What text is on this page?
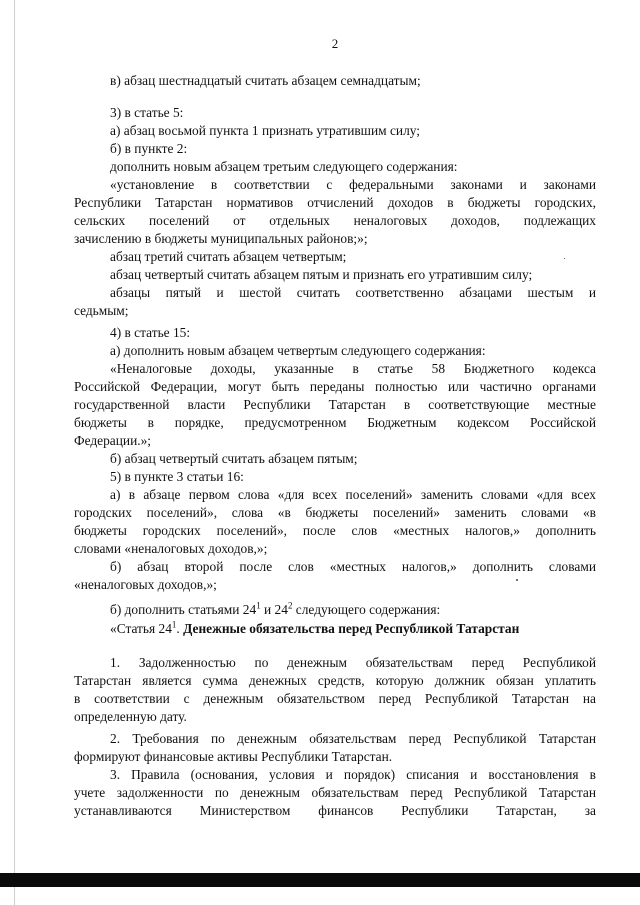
2
в) абзац шестнадцатый считать абзацем семнадцатым;
3) в статье 5:
а) абзац восьмой пункта 1 признать утратившим силу;
б) в пункте 2:
дополнить новым абзацем третьим следующего содержания:
«установление в соответствии с федеральными законами и законами
Республики Татарстан нормативов отчислений доходов в бюджеты городских,
сельских поселений от отдельных неналоговых доходов, подлежащих
зачислению в бюджеты муниципальных районов;»;
абзац третий считать абзацем четвертым;
абзац четвертый считать абзацем пятым и признать его утратившим силу;
абзацы пятый и шестой считать соответственно абзацами шестым и
седьмым;
4) в статье 15:
а) дополнить новым абзацем четвертым следующего содержания:
«Неналоговые доходы, указанные в статье 58 Бюджетного кодекса
Российской Федерации, могут быть переданы полностью или частично органами
государственной власти Республики Татарстан в соответствующие местные
бюджеты в порядке, предусмотренном Бюджетным кодексом Российской
Федерации.»;
б) абзац четвертый считать абзацем пятым;
5) в пункте 3 статьи 16:
а) в абзаце первом слова «для всех поселений» заменить словами «для всех
городских поселений», слова «в бюджеты поселений» заменить словами «в
бюджеты городских поселений», после слов «местных налогов,» дополнить
словами «неналоговых доходов,»;
б) абзац второй после слов «местных налогов,» дополнить словами
«неналоговых доходов,»;
б) дополнить статьями $24^1$ и $24^2$ следующего содержания:
«Статья $24^1$. Денежные обязательства перед Республикой Татарстан
1. Задолженностью по денежным обязательствам перед Республикой
Татарстан является сумма денежных средств, которую должник обязан уплатить
в соответствии с денежным обязательством перед Республикой Татарстан на
определенную дату.
2. Требования по денежным обязательствам перед Республикой Татарстан
формируют финансовые активы Республики Татарстан.
3. Правила (основания, условия и порядок) списания и восстановления в
учете задолженности по денежным обязательствам перед Республикой Татарстан
устанавливаются Министерством финансов Республики Татарстан, за
